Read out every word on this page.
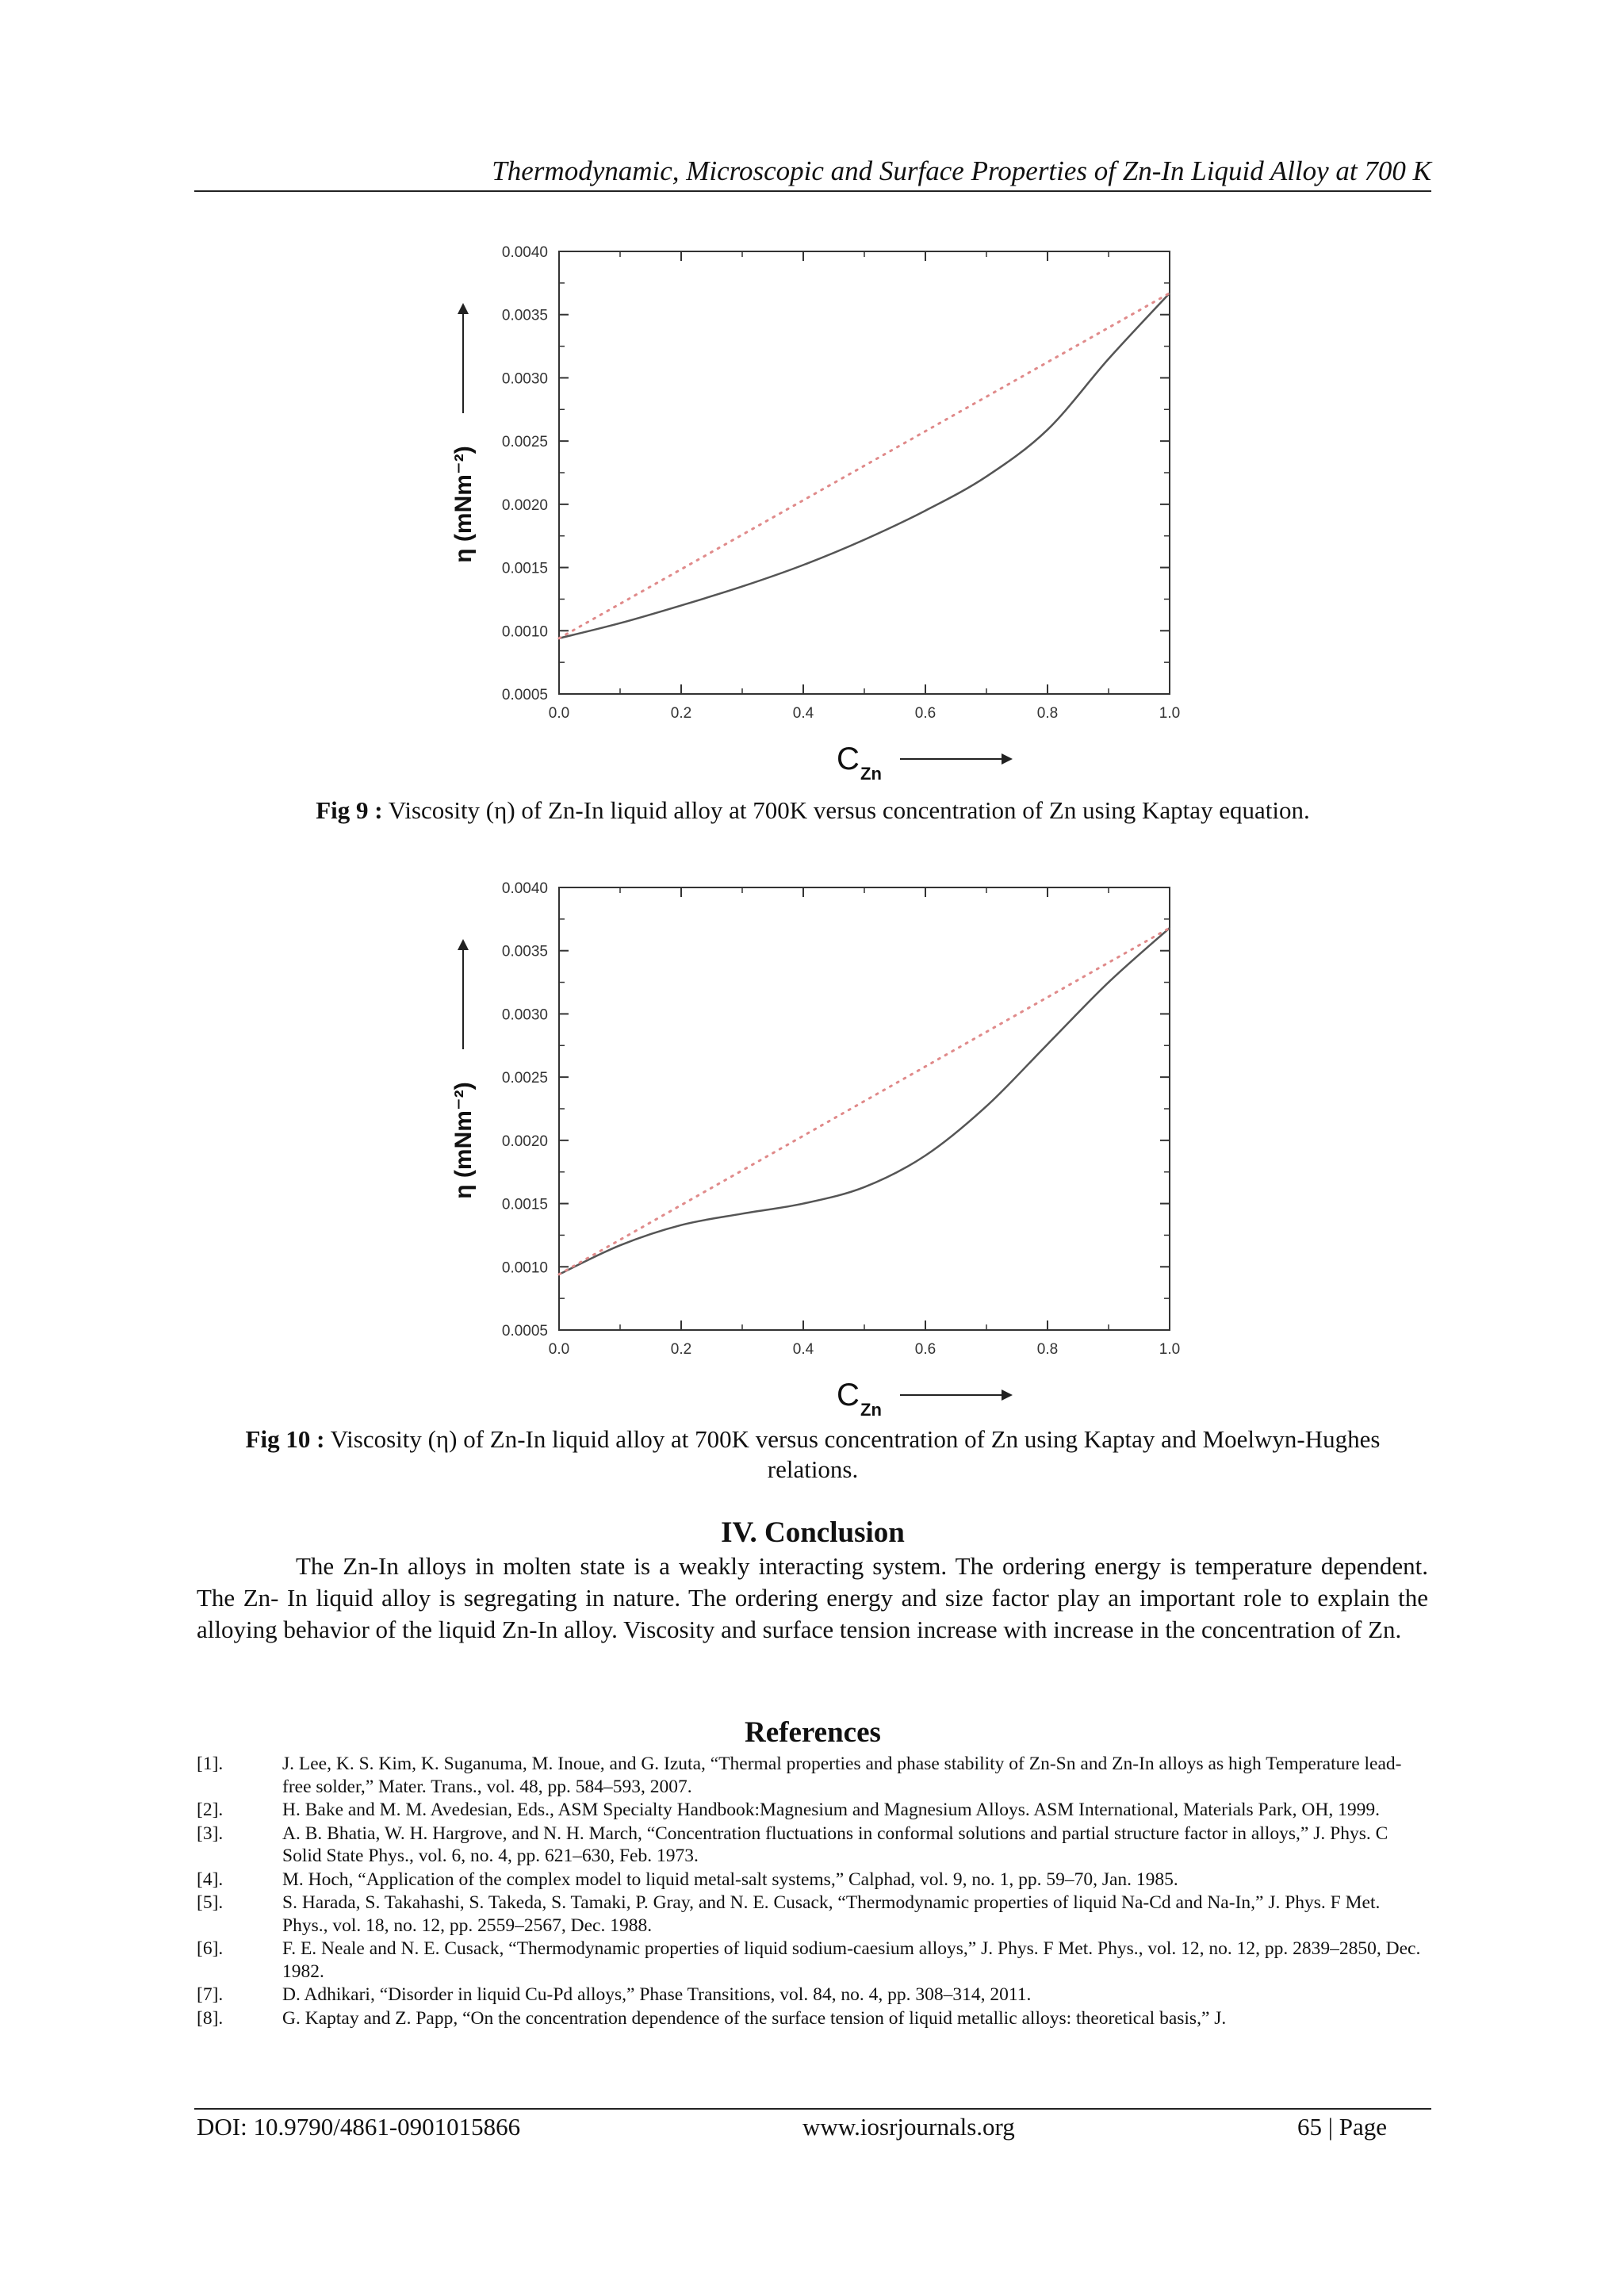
Thermodynamic, Microscopic and Surface Properties of Zn-In Liquid Alloy at 700 K
0.0005
0.0010
0.0015
0.0020
0.0025
0.0030
0.0035
0.0040
0.0	0.2	0.4	0.6	0.8	1.0
η (mNm⁻²)
C Zn
Fig 9 : Viscosity (η) of Zn-In liquid alloy at 700K versus concentration of Zn using Kaptay equation.
0.0005
0.0010
0.0015
0.0020
0.0025
0.0030
0.0035
0.0040
0.0	0.2	0.4	0.6	0.8	1.0
η (mNm⁻²)
C Zn
Fig 10 : Viscosity (η) of Zn-In liquid alloy at 700K versus concentration of Zn using Kaptay and Moelwyn-Hughes relations.
IV. Conclusion
The Zn-In alloys in molten state is a weakly interacting system. The ordering energy is temperature dependent. The Zn- In liquid alloy is segregating in nature. The ordering energy and size factor play an important role to explain the alloying behavior of the liquid Zn-In alloy. Viscosity and surface tension increase with increase in the concentration of Zn.
References
[1].	J. Lee, K. S. Kim, K. Suganuma, M. Inoue, and G. Izuta, “Thermal properties and phase stability of Zn-Sn and Zn-In alloys as high Temperature lead-free solder,” Mater. Trans., vol. 48, pp. 584–593, 2007.
[2].	H. Bake and M. M. Avedesian, Eds., ASM Specialty Handbook:Magnesium and Magnesium Alloys. ASM International, Materials Park, OH, 1999.
[3].	A. B. Bhatia, W. H. Hargrove, and N. H. March, “Concentration fluctuations in conformal solutions and partial structure factor in alloys,” J. Phys. C Solid State Phys., vol. 6, no. 4, pp. 621–630, Feb. 1973.
[4].	M. Hoch, “Application of the complex model to liquid metal-salt systems,” Calphad, vol. 9, no. 1, pp. 59–70, Jan. 1985.
[5].	S. Harada, S. Takahashi, S. Takeda, S. Tamaki, P. Gray, and N. E. Cusack, “Thermodynamic properties of liquid Na-Cd and Na-In,” J. Phys. F Met. Phys., vol. 18, no. 12, pp. 2559–2567, Dec. 1988.
[6].	F. E. Neale and N. E. Cusack, “Thermodynamic properties of liquid sodium-caesium alloys,” J. Phys. F Met. Phys., vol. 12, no. 12, pp. 2839–2850, Dec. 1982.
[7].	D. Adhikari, “Disorder in liquid Cu-Pd alloys,” Phase Transitions, vol. 84, no. 4, pp. 308–314, 2011.
[8].	G. Kaptay and Z. Papp, “On the concentration dependence of the surface tension of liquid metallic alloys: theoretical basis,” J.
DOI: 10.9790/4861-0901015866	www.iosrjournals.org	65 | Page
